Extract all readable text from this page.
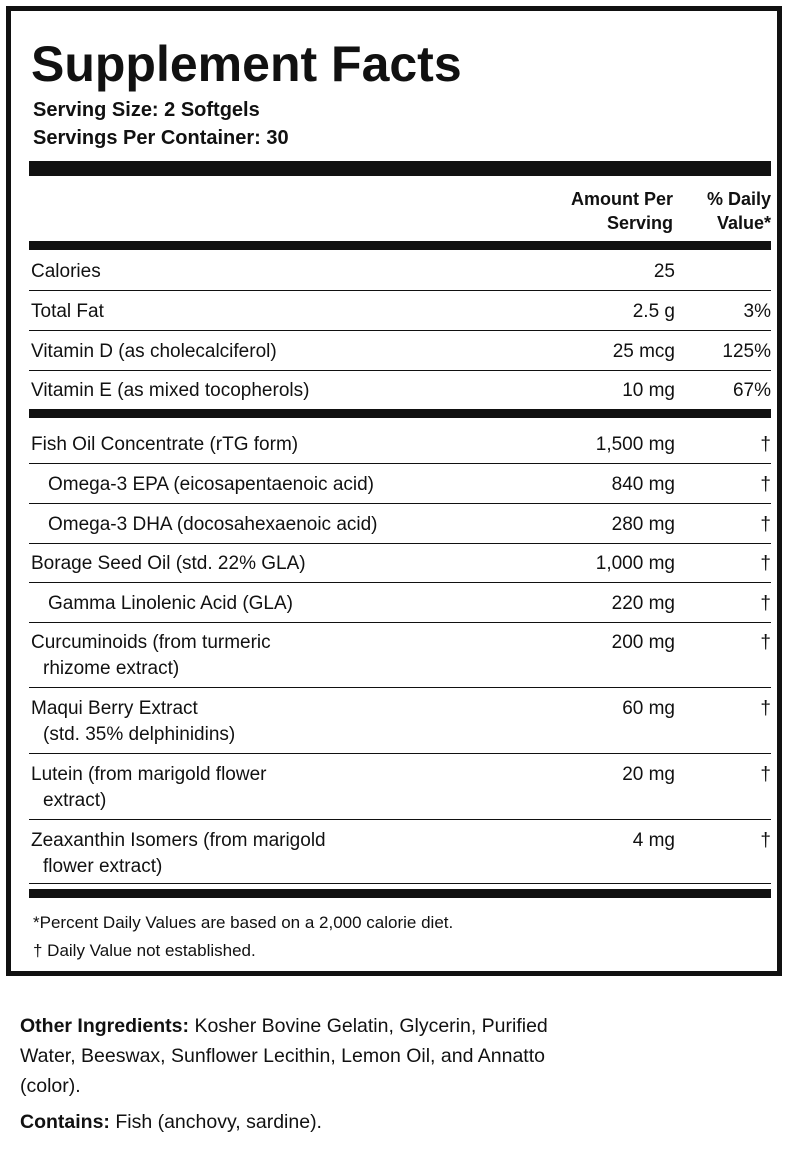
Supplement Facts
Serving Size: 2 Softgels
Servings Per Container: 30
Amount Per
Serving
% Daily
Value*
Calories	25
Total Fat	2.5 g	3%
Vitamin D (as cholecalciferol)	25 mcg 125%
Vitamin E (as mixed tocopherols)	10 mg	67%
Fish Oil Concentrate (rTG form)	1,500 mg	†
Omega-3 EPA (eicosapentaenoic acid)	840 mg	†
Omega-3 DHA (docosahexaenoic acid)	280 mg	†
Borage Seed Oil (std. 22% GLA)	1,000 mg	†
Gamma Linolenic Acid (GLA)	220 mg	†
Curcuminoids (from turmeric
rhizome extract)
200 mg	†
Maqui Berry Extract
(std. 35% delphinidins)
60 mg	†
Lutein (from marigold flower
extract)
20 mg	†
Zeaxanthin Isomers (from marigold
flower extract)
4 mg	†
*Percent Daily Values are based on a 2,000 calorie diet.
† Daily Value not established.
Other Ingredients: Kosher Bovine Gelatin, Glycerin, Purified
Water, Beeswax, Sunflower Lecithin, Lemon Oil, and Annatto
(color).
Contains: Fish (anchovy, sardine).
